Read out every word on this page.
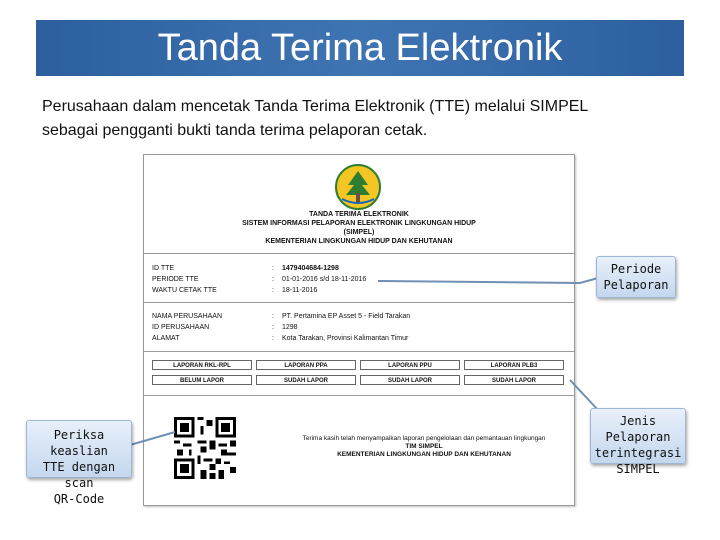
Tanda Terima Elektronik
Perusahaan dalam mencetak Tanda Terima Elektronik (TTE) melalui SIMPEL
sebagai pengganti bukti tanda terima pelaporan cetak.
TANDA TERIMA ELEKTRONIK
SISTEM INFORMASI PELAPORAN ELEKTRONIK LINGKUNGAN HIDUP
(SIMPEL)
KEMENTERIAN LINGKUNGAN HIDUP DAN KEHUTANAN
ID TTE	: 1479404684-1298
PERIODE TTE	: 01-01-2016 s/d 18-11-2016
WAKTU CETAK TTE	: 18-11-2016
NAMA PERUSAHAAN	: PT. Pertamina EP Asset 5 - Field Tarakan
ID PERUSAHAAN	: 1298
ALAMAT	: Kota Tarakan, Provinsi Kalimantan Timur
LAPORAN RKL-RPL	LAPORAN PPA	LAPORAN PPU	LAPORAN PLB3
BELUM LAPOR	SUDAH LAPOR	SUDAH LAPOR	SUDAH LAPOR
Terima kasih telah menyampaikan laporan pengelolaan dan pemantauan lingkungan
TIM SIMPEL
KEMENTERIAN LINGKUNGAN HIDUP DAN KEHUTANAN
Periode
Pelaporan
Jenis Pelaporan
terintegrasi
SIMPEL
Periksa keaslian
TTE dengan scan
QR-Code
